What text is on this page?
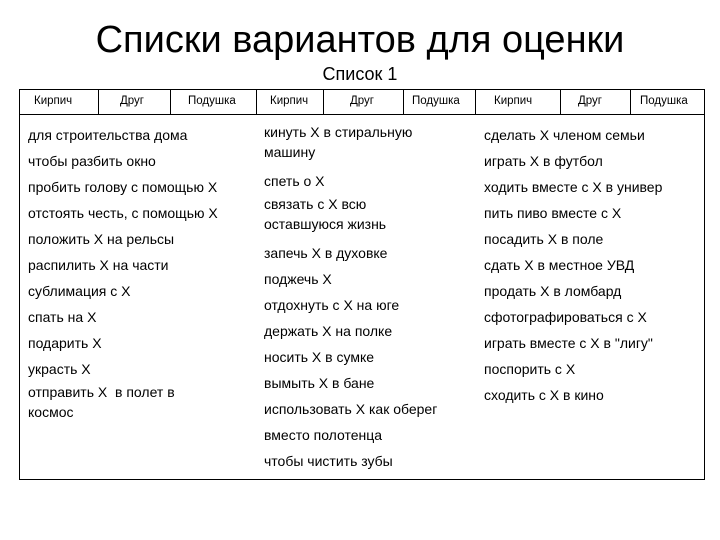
Списки вариантов для оценки
Список 1
Кирпич	Друг	Подушка	Кирпич	Друг	Подушка	Кирпич	Друг	Подушка
для строительства дома
чтобы разбить окно
пробить голову с помощью Х
отстоять честь, с помощью Х
положить Х на рельсы
распилить Х на части
сублимация с Х
спать на Х
подарить Х
украсть Х
отправить Х  в полет в
космос
кинуть Х в стиральную
машину
спеть о Х
связать с Х всю
оставшуюся жизнь
запечь Х в духовке
поджечь Х
отдохнуть с Х на юге
держать Х на полке
носить Х в сумке
вымыть Х в бане
использовать Х как оберег
вместо полотенца
чтобы чистить зубы
сделать Х членом семьи
играть Х в футбол
ходить вместе с Х в универ
пить пиво вместе с Х
посадить Х в поле
сдать Х в местное УВД
продать Х в ломбард
сфотографироваться с Х
играть вместе с Х в "лигу"
поспорить с Х
сходить с Х в кино
